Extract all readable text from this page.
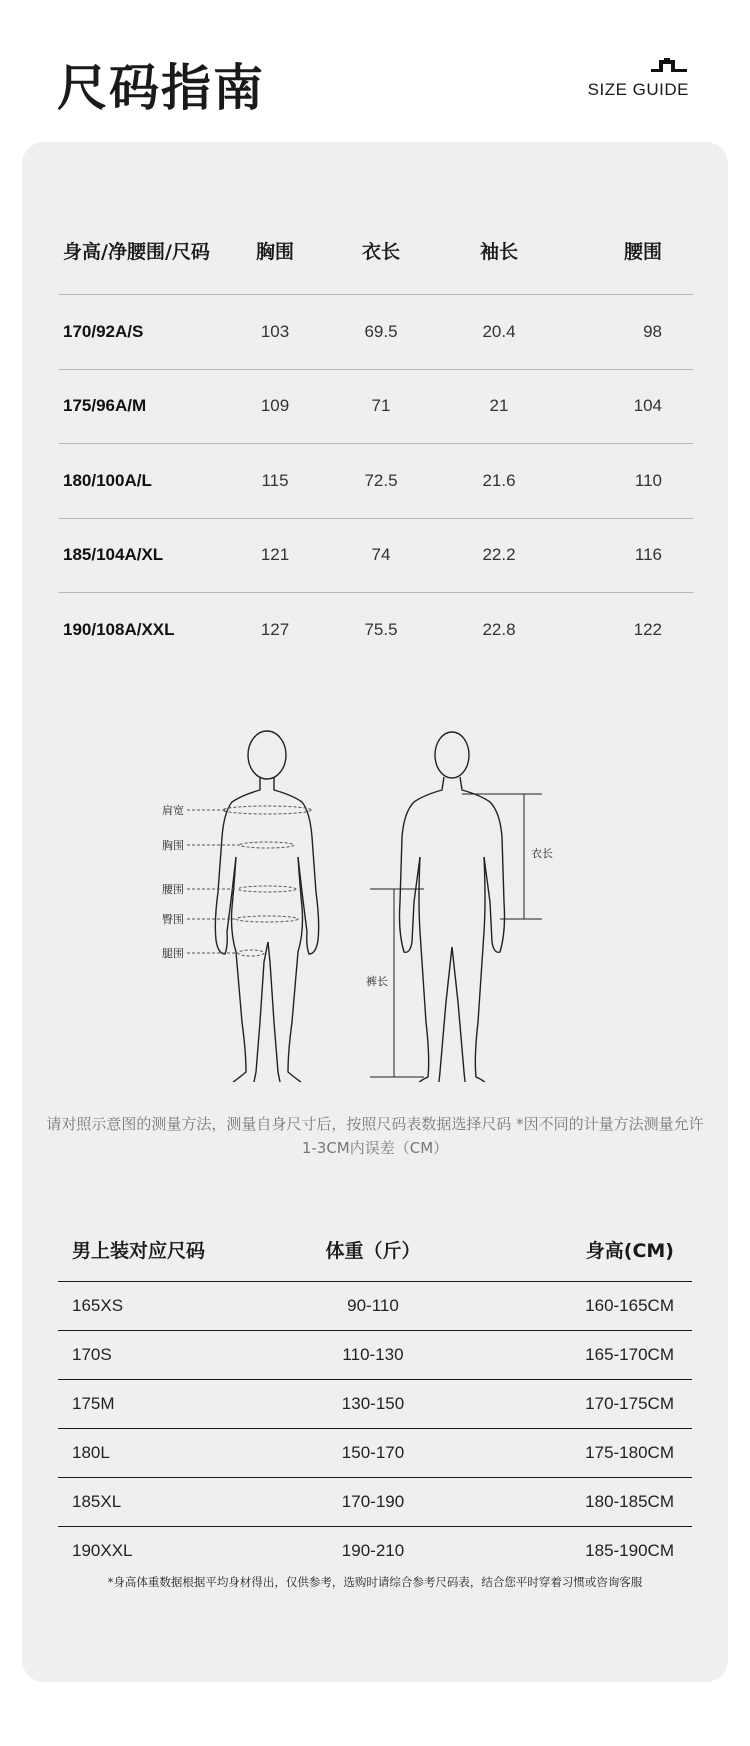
尺码指南	SIZE GUIDE
身高/净腰围/尺码	胸围	衣长	袖长	腰围
170/92A/S	103	69.5	20.4	98
175/96A/M	109	71	21	104
180/100A/L	115	72.5	21.6	110
185/104A/XL	121	74	22.2	116
190/108A/XXL	127	75.5	22.8	122
肩宽
胸围
腰围
臀围
腿围
衣长
裤长
请对照示意图的测量方法，测量自身尺寸后，按照尺码表数据选择尺码 *因不同的计量方法测量允许1-3CM内误差（CM）
男上装对应尺码	体重（斤）	身高(CM)
165XS	90-110	160-165CM
170S	110-130	165-170CM
175M	130-150	170-175CM
180L	150-170	175-180CM
185XL	170-190	180-185CM
190XXL	190-210	185-190CM
*身高体重数据根据平均身材得出，仅供参考，选购时请综合参考尺码表，结合您平时穿着习惯或咨询客服
